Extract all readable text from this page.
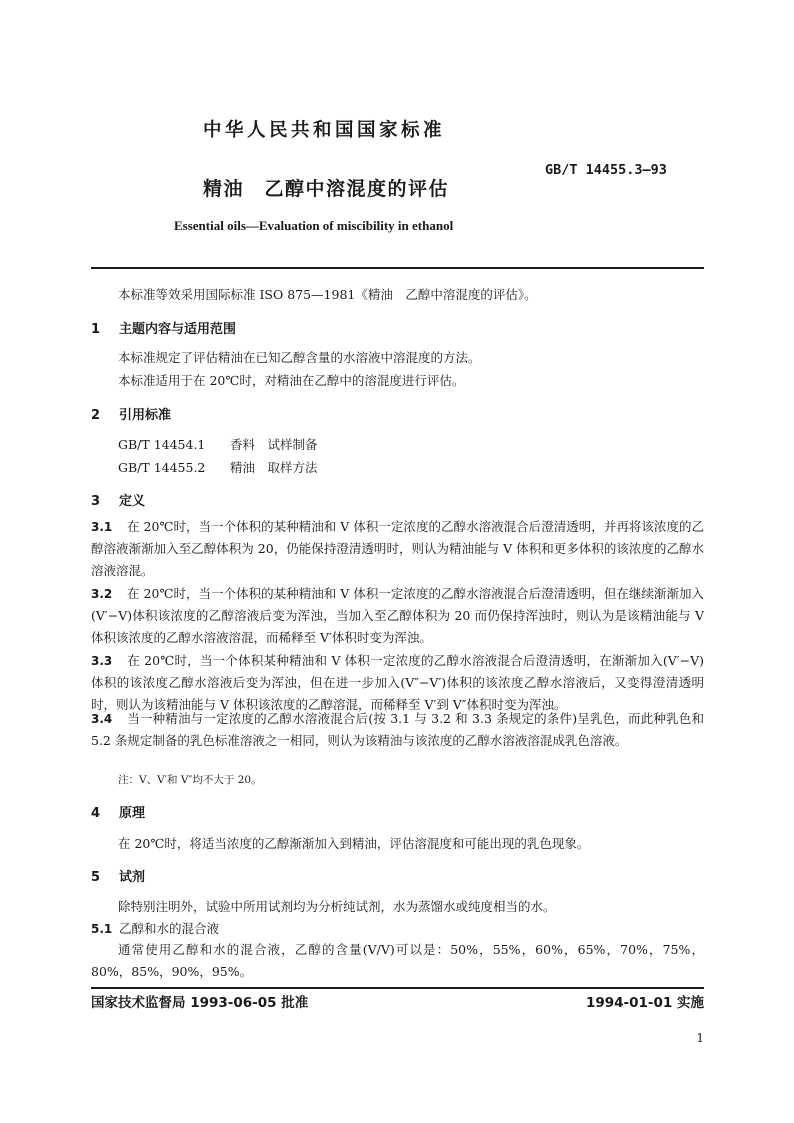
中华人民共和国国家标准
GB/T 14455.3—93
精油　乙醇中溶混度的评估
Essential oils—Evaluation of miscibility in ethanol
本标准等效采用国际标准 ISO 875—1981《精油　乙醇中溶混度的评估》。
1 主题内容与适用范围
本标准规定了评估精油在已知乙醇含量的水溶液中溶混度的方法。
本标准适用于在 20℃时，对精油在乙醇中的溶混度进行评估。
2 引用标准
GB/T 14454.1 香料　试样制备
GB/T 14455.2 精油　取样方法
3 定义
3.1 在 20℃时，当一个体积的某种精油和 V 体积一定浓度的乙醇水溶液混合后澄清透明，并再将该浓度的乙醇溶液渐渐加入至乙醇体积为 20，仍能保持澄清透明时，则认为精油能与 V 体积和更多体积的该浓度的乙醇水溶液溶混。
3.2 在 20℃时，当一个体积的某种精油和 V 体积一定浓度的乙醇水溶液混合后澄清透明，但在继续渐渐加入(V′−V)体积该浓度的乙醇溶液后变为浑浊，当加入至乙醇体积为 20 而仍保持浑浊时，则认为是该精油能与 V 体积该浓度的乙醇水溶液溶混，而稀释至 V′体积时变为浑浊。
3.3 在 20℃时，当一个体积某种精油和 V 体积一定浓度的乙醇水溶液混合后澄清透明，在渐渐加入(V′−V)体积的该浓度乙醇水溶液后变为浑浊，但在进一步加入(V″−V′)体积的该浓度乙醇水溶液后，又变得澄清透明时，则认为该精油能与 V 体积该浓度的乙醇溶混，而稀释至 V′到 V″体积时变为浑浊。
3.4 当一种精油与一定浓度的乙醇水溶液混合后(按 3.1 与 3.2 和 3.3 条规定的条件)呈乳色，而此种乳色和 5.2 条规定制备的乳色标准溶液之一相同，则认为该精油与该浓度的乙醇水溶液溶混成乳色溶液。
注：V、V′和 V″均不大于 20。
4 原理
在 20℃时，将适当浓度的乙醇渐渐加入到精油，评估溶混度和可能出现的乳色现象。
5 试剂
除特别注明外，试验中所用试剂均为分析纯试剂，水为蒸馏水或纯度相当的水。
5.1 乙醇和水的混合液
通常使用乙醇和水的混合液，乙醇的含量(V/V)可以是：50%，55%，60%，65%，70%，75%，80%，85%，90%，95%。
国家技术监督局 1993-06-05 批准	1994-01-01 实施
1
